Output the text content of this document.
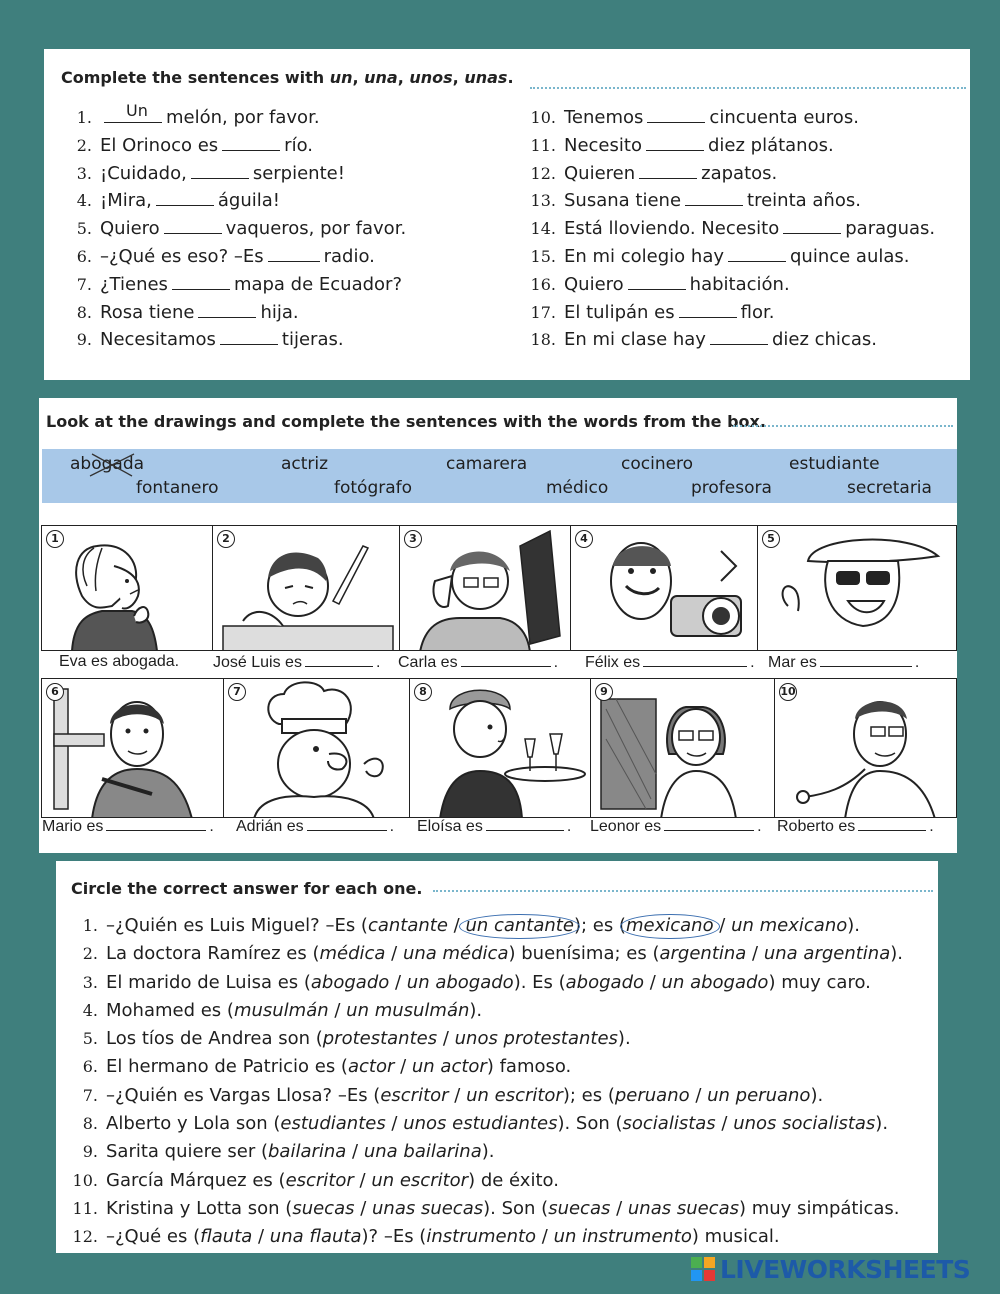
Complete the sentences with un, una, unos, unas.
1. Un melón, por favor.
2. El Orinoco es	río.
3. ¡Cuidado,	serpiente!
4. ¡Mira,	águila!
5. Quiero	vaqueros, por favor.
6. –¿Qué es eso? –Es	radio.
7. ¿Tienes	mapa de Ecuador?
8. Rosa tiene	hija.
9. Necesitamos	tijeras.
10. Tenemos	cincuenta euros.
11. Necesito	diez plátanos.
12. Quieren	zapatos.
13. Susana tiene	treinta años.
14. Está lloviendo. Necesito	paraguas.
15. En mi colegio hay	quince aulas.
16. Quiero	habitación.
17. El tulipán es	flor.
18. En mi clase hay	diez chicas.
Look at the drawings and complete the sentences with the words from the box.
abogada	actriz	camarera	cocinero	estudiante
fontanero	fotógrafo	médico	profesora	secretaria
1	2	3	4	5
Eva es abogada. José Luis es	. Carla es	. Félix es	. Mar es	.
6	7	8	9	10
Mario es	. Adrián es	. Eloísa es	. Leonor es	. Roberto es	.
Circle the correct answer for each one.
1. –¿Quién es Luis Miguel? –Es (cantante / un cantante); es (mexicano / un mexicano).
2. La doctora Ramírez es (médica / una médica) buenísima; es (argentina / una argentina).
3. El marido de Luisa es (abogado / un abogado). Es (abogado / un abogado) muy caro.
4. Mohamed es (musulmán / un musulmán).
5. Los tíos de Andrea son (protestantes / unos protestantes).
6. El hermano de Patricio es (actor / un actor) famoso.
7. –¿Quién es Vargas Llosa? –Es (escritor / un escritor); es (peruano / un peruano).
8. Alberto y Lola son (estudiantes / unos estudiantes). Son (socialistas / unos socialistas).
9. Sarita quiere ser (bailarina / una bailarina).
10. García Márquez es (escritor / un escritor) de éxito.
11. Kristina y Lotta son (suecas / unas suecas). Son (suecas / unas suecas) muy simpáticas.
12. –¿Qué es (flauta / una flauta)? –Es (instrumento / un instrumento) musical.
LIVEWORKSHEETS
